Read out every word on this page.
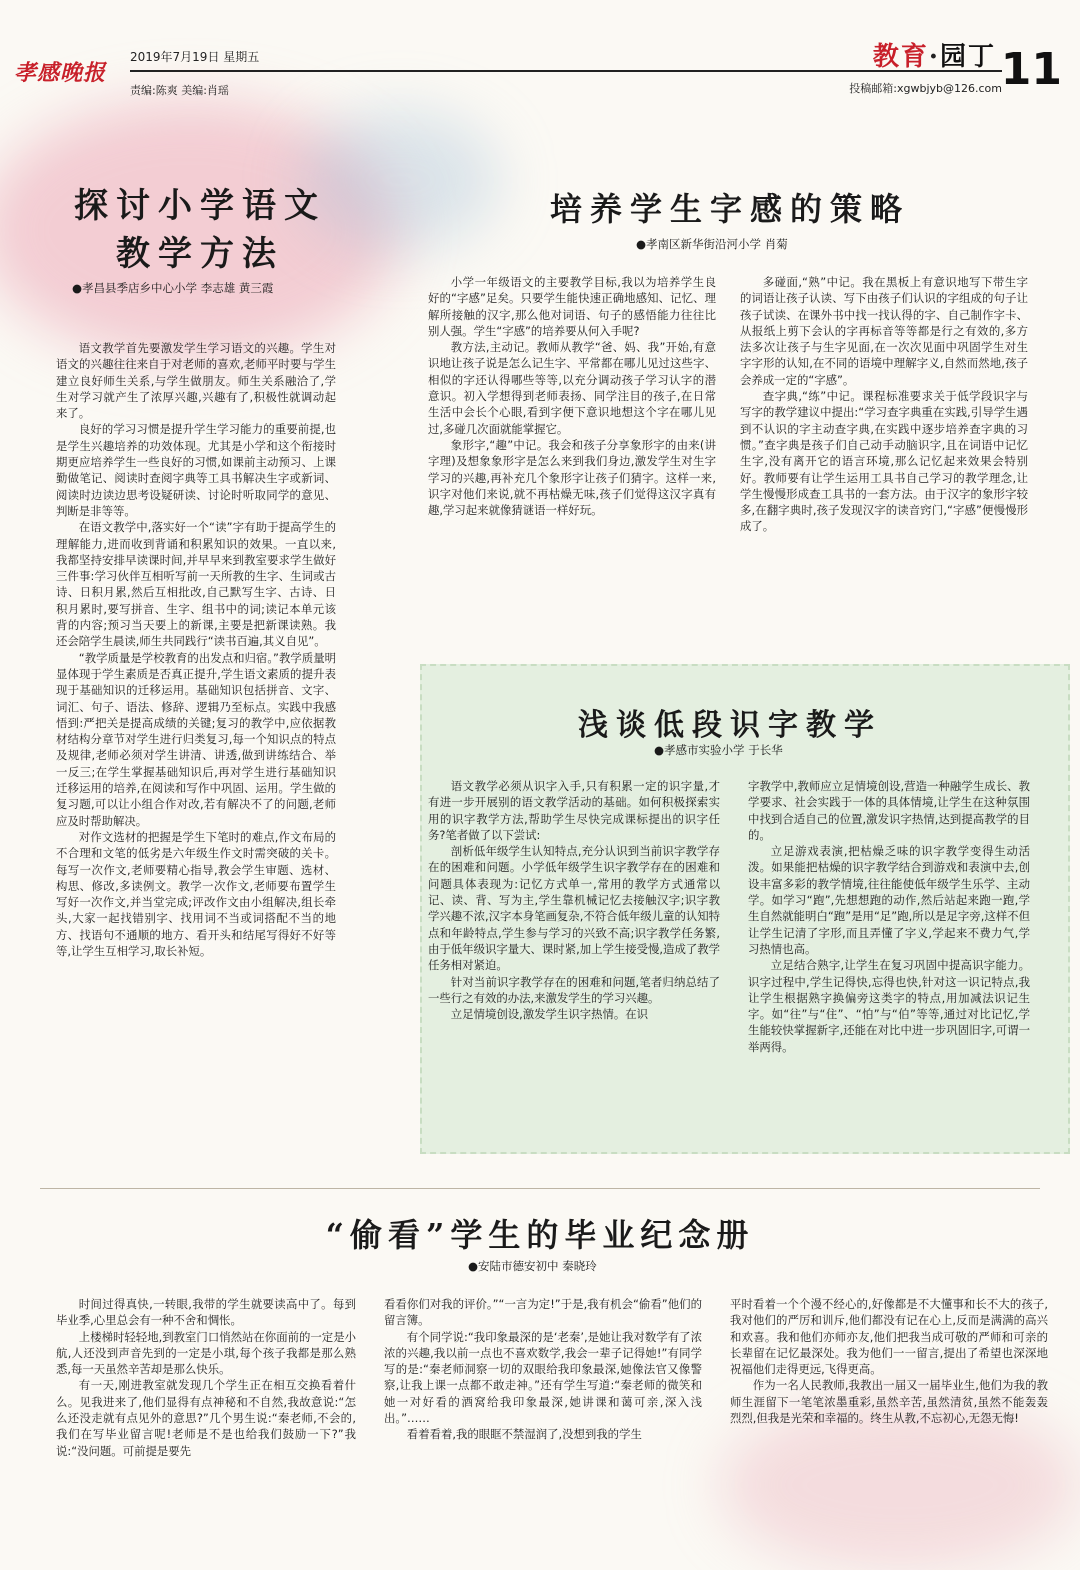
孝感晚报
2019年7月19日 星期五
责编:陈爽 美编:肖瑶
教育·园丁 11
投稿邮箱:xgwbjyb@126.com
探讨小学语文
教学方法
●孝昌县季店乡中心小学 李志雄 黄三霞

语文教学首先要激发学生学习语文的兴趣。学生对语文的兴趣往往来自于对老师的喜欢,老师平时要与学生建立良好师生关系,与学生做朋友。师生关系融洽了,学生对学习就产生了浓厚兴趣,兴趣有了,积极性就调动起来了。

良好的学习习惯是提升学生学习能力的重要前提,也是学生兴趣培养的功效体现。尤其是小学和这个衔接时期更应培养学生一些良好的习惯,如课前主动预习、上课勤做笔记、阅读时查阅字典等工具书解决生字或新词、阅读时边读边思考设疑研读、讨论时听取同学的意见、判断是非等等。

在语文教学中,落实好一个“读”字有助于提高学生的理解能力,进而收到背诵和积累知识的效果。一直以来,我都坚持安排早读课时间,并早早来到教室要求学生做好三件事:学习伙伴互相听写前一天所教的生字、生词或古诗、日积月累,然后互相批改,自己默写生字、古诗、日积月累时,要写拼音、生字、组书中的词;读记本单元该背的内容;预习当天要上的新课,主要是把新课读熟。我还会陪学生晨读,师生共同践行“读书百遍,其义自见”。

“教学质量是学校教育的出发点和归宿。”教学质量明显体现于学生素质是否真正提升,学生语文素质的提升表现于基础知识的迁移运用。基础知识包括拼音、文字、词汇、句子、语法、修辞、逻辑乃至标点。实践中我感悟到:严把关是提高成绩的关键;复习的教学中,应依据教材结构分章节对学生进行归类复习,每一个知识点的特点及规律,老师必须对学生讲清、讲透,做到讲练结合、举一反三;在学生掌握基础知识后,再对学生进行基础知识迁移运用的培养,在阅读和写作中巩固、运用。学生做的复习题,可以让小组合作对改,若有解决不了的问题,老师应及时帮助解决。

对作文选材的把握是学生下笔时的难点,作文布局的不合理和文笔的低劣是六年级生作文时需突破的关卡。每写一次作文,老师要精心指导,教会学生审题、选材、构思、修改,多读例文。教学一次作文,老师要布置学生写好一次作文,并当堂完成;评改作文由小组解决,组长牵头,大家一起找错别字、找用词不当或词搭配不当的地方、找语句不通顺的地方、看开头和结尾写得好不好等等,让学生互相学习,取长补短。

培养学生字感的策略
●孝南区新华街沿河小学 肖菊

小学一年级语文的主要教学目标,我以为培养学生良好的“字感”足矣。只要学生能快速正确地感知、记忆、理解所接触的汉字,那么他对词语、句子的感悟能力往往比别人强。学生“字感”的培养要从何入手呢?

教方法,主动记。教师从教学“爸、妈、我”开始,有意识地让孩子说是怎么记生字、平常都在哪儿见过这些字、相似的字还认得哪些等等,以充分调动孩子学习认字的潜意识。初入学想得到老师表扬、同学注目的孩子,在日常生活中会长个心眼,看到字便下意识地想这个字在哪儿见过,多碰几次面就能掌握它。

象形字,“趣”中记。我会和孩子分享象形字的由来(讲字理)及想象象形字是怎么来到我们身边,激发学生对生字学习的兴趣,再补充几个象形字让孩子们猜字。这样一来,识字对他们来说,就不再枯燥无味,孩子们觉得这汉字真有趣,学习起来就像猜谜语一样好玩。

多碰面,“熟”中记。我在黑板上有意识地写下带生字的词语让孩子认读、写下由孩子们认识的字组成的句子让孩子试读、在课外书中找一找认得的字、自己制作字卡、从报纸上剪下会认的字再标音等等都是行之有效的,多方法多次让孩子与生字见面,在一次次见面中巩固学生对生字字形的认知,在不同的语境中理解字义,自然而然地,孩子会养成一定的“字感”。

查字典,“练”中记。课程标准要求关于低学段识字与写字的教学建议中提出:“学习查字典重在实践,引导学生遇到不认识的字主动查字典,在实践中逐步培养查字典的习惯。”查字典是孩子们自己动手动脑识字,且在词语中记忆生字,没有离开它的语言环境,那么记忆起来效果会特别好。教师要有让学生运用工具书自己学习的教学理念,让学生慢慢形成查工具书的一套方法。由于汉字的象形字较多,在翻字典时,孩子发现汉字的读音窍门,“字感”便慢慢形成了。

浅谈低段识字教学
●孝感市实验小学 于长华

语文教学必须从识字入手,只有积累一定的识字量,才有进一步开展别的语文教学活动的基础。如何积极探索实用的识字教学方法,帮助学生尽快完成课标提出的识字任务?笔者做了以下尝试:

剖析低年级学生认知特点,充分认识到当前识字教学存在的困难和问题。小学低年级学生识字教学存在的困难和问题具体表现为:记忆方式单一,常用的教学方式通常以记、读、背、写为主,学生靠机械记忆去接触汉字;识字教学兴趣不浓,汉字本身笔画复杂,不符合低年级儿童的认知特点和年龄特点,学生参与学习的兴致不高;识字教学任务繁,由于低年级识字量大、课时紧,加上学生接受慢,造成了教学任务相对紧迫。

针对当前识字教学存在的困难和问题,笔者归纳总结了一些行之有效的办法,来激发学生的学习兴趣。

立足情境创设,激发学生识字热情。在识

字教学中,教师应立足情境创设,营造一种融学生成长、教学要求、社会实践于一体的具体情境,让学生在这种氛围中找到合适自己的位置,激发识字热情,达到提高教学的目的。

立足游戏表演,把枯燥乏味的识字教学变得生动活泼。如果能把枯燥的识字教学结合到游戏和表演中去,创设丰富多彩的教学情境,往往能使低年级学生乐学、主动学。如学习“跑”,先想想跑的动作,然后站起来跑一跑,学生自然就能明白“跑”是用“足”跑,所以是足字旁,这样不但让学生记清了字形,而且弄懂了字义,学起来不费力气,学习热情也高。

立足结合熟字,让学生在复习巩固中提高识字能力。识字过程中,学生记得快,忘得也快,针对这一识记特点,我让学生根据熟字换偏旁这类字的特点,用加减法识记生字。如“往”与“住”、“怕”与“伯”等等,通过对比记忆,学生能较快掌握新字,还能在对比中进一步巩固旧字,可谓一举两得。

“偷看”学生的毕业纪念册
●安陆市德安初中 秦晓玲

时间过得真快,一转眼,我带的学生就要读高中了。每到毕业季,心里总会有一种不舍和惆怅。

上楼梯时轻轻地,到教室门口悄然站在你面前的一定是小航,人还没到声音先到的一定是小琪,每个孩子我都是那么熟悉,每一天虽然辛苦却是那么快乐。

有一天,刚进教室就发现几个学生正在相互交换看着什么。见我进来了,他们显得有点神秘和不自然,我故意说:“怎么还没走就有点见外的意思?”几个男生说:“秦老师,不会的,我们在写毕业留言呢!老师是不是也给我们鼓励一下?”我说:“没问题。可前提是要先

看看你们对我的评价。”“一言为定!”于是,我有机会“偷看”他们的留言簿。

有个同学说:“我印象最深的是‘老秦’,是她让我对数学有了浓浓的兴趣,我以前一点也不喜欢数学,我会一辈子记得她!”有同学写的是:“秦老师洞察一切的双眼给我印象最深,她像法官又像警察,让我上课一点都不敢走神。”还有学生写道:“秦老师的微笑和她一对好看的酒窝给我印象最深,她讲课和蔼可亲,深入浅出。”……

看着看着,我的眼眶不禁湿润了,没想到我的学生

平时看着一个个漫不经心的,好像都是不大懂事和长不大的孩子,我对他们的严厉和训斥,他们都没有记在心上,反而是满满的高兴和欢喜。我和他们亦师亦友,他们把我当成可敬的严师和可亲的长辈留在记忆最深处。我为他们一一留言,提出了希望也深深地祝福他们走得更远,飞得更高。

作为一名人民教师,我教出一届又一届毕业生,他们为我的教师生涯留下一笔笔浓墨重彩,虽然辛苦,虽然清贫,虽然不能轰轰烈烈,但我是光荣和幸福的。终生从教,不忘初心,无怨无悔!
